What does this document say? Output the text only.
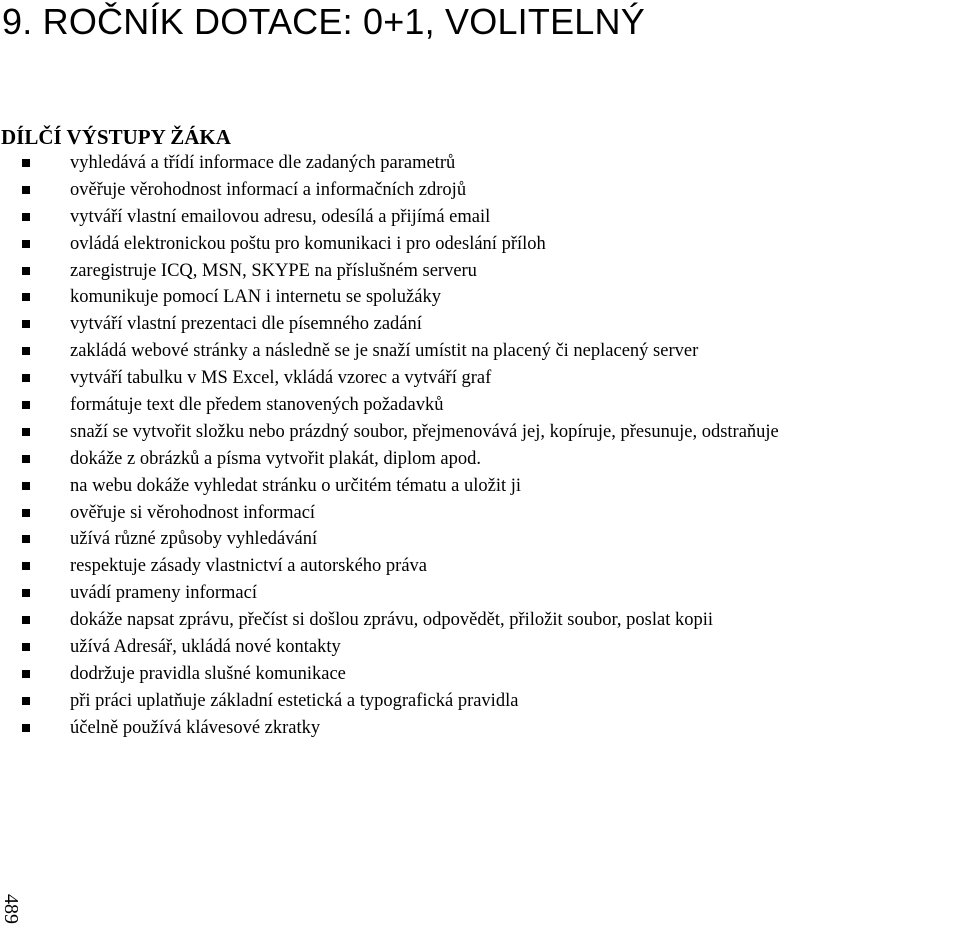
9. ROČNÍK DOTACE: 0+1, VOLITELNÝ
DÍLČÍ VÝSTUPY ŽÁKA
vyhledává a třídí informace dle zadaných parametrů
ověřuje věrohodnost informací a informačních zdrojů
vytváří vlastní emailovou adresu, odesílá a přijímá email
ovládá elektronickou poštu pro komunikaci i pro odeslání příloh
zaregistruje ICQ, MSN, SKYPE na příslušném serveru
komunikuje pomocí LAN i internetu se spolužáky
vytváří vlastní prezentaci dle písemného zadání
zakládá webové stránky a následně se je snaží umístit na placený či neplacený server
vytváří tabulku v MS Excel, vkládá vzorec a vytváří graf
formátuje text dle předem stanovených požadavků
snaží se vytvořit složku nebo prázdný soubor, přejmenovává jej, kopíruje, přesunuje, odstraňuje
dokáže z obrázků a písma vytvořit plakát, diplom apod.
na webu dokáže vyhledat stránku o určitém tématu a uložit ji
ověřuje si věrohodnost informací
užívá různé způsoby vyhledávání
respektuje zásady vlastnictví a autorského práva
uvádí prameny informací
dokáže napsat zprávu, přečíst si došlou zprávu, odpovědět, přiložit soubor, poslat kopii
užívá Adresář, ukládá nové kontakty
dodržuje pravidla slušné komunikace
při práci uplatňuje základní estetická a typografická pravidla
účelně používá klávesové zkratky
489
